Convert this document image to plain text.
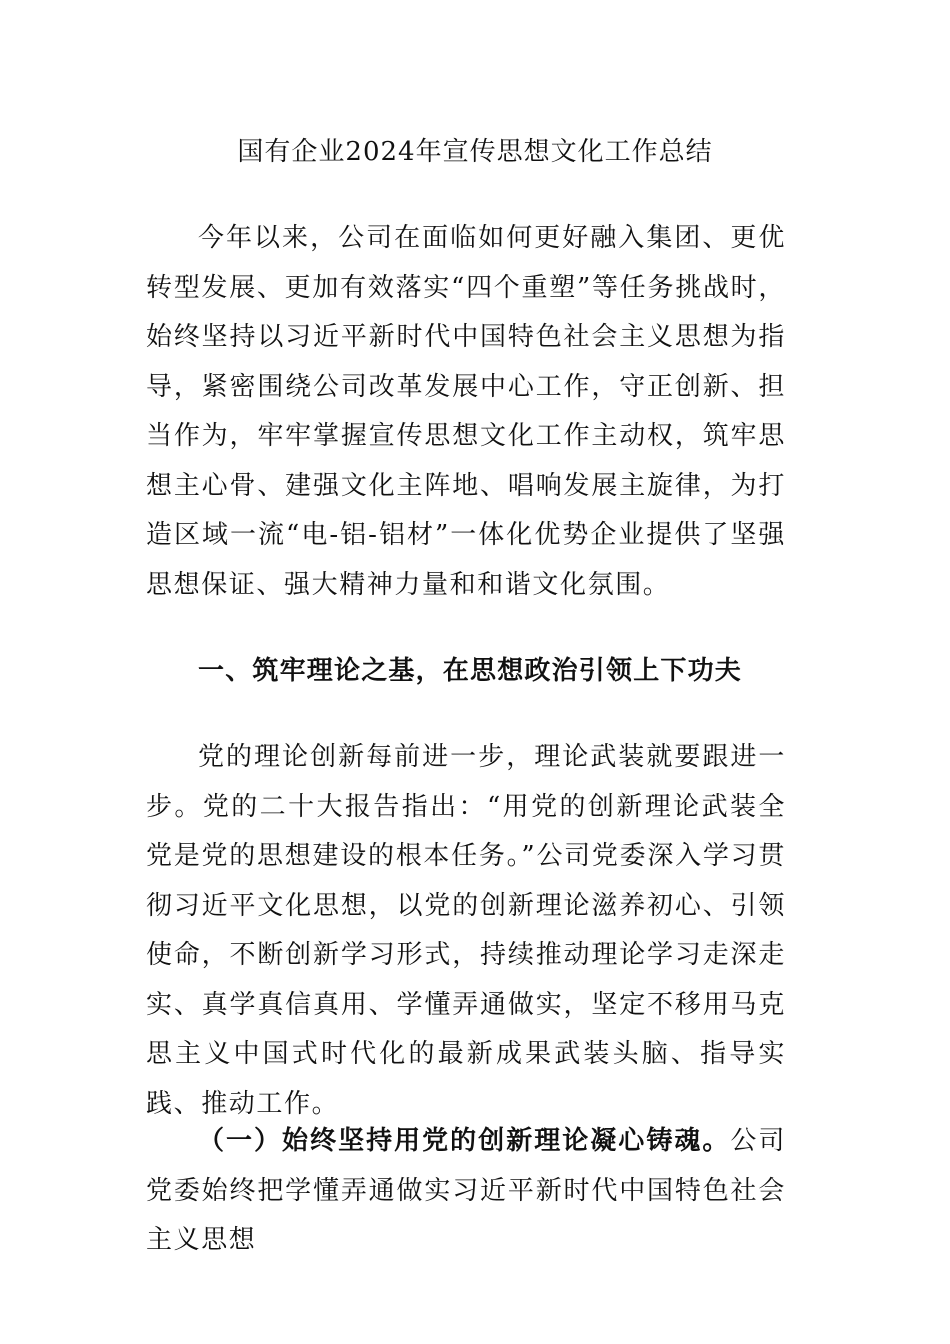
国有企业2024年宣传思想文化工作总结

今年以来，公司在面临如何更好融入集团、更优转型发展、更加有效落实“四个重塑”等任务挑战时，始终坚持以习近平新时代中国特色社会主义思想为指导，紧密围绕公司改革发展中心工作，守正创新、担当作为，牢牢掌握宣传思想文化工作主动权，筑牢思想主心骨、建强文化主阵地、唱响发展主旋律，为打造区域一流“电-铝-铝材”一体化优势企业提供了坚强思想保证、强大精神力量和和谐文化氛围。

一、筑牢理论之基，在思想政治引领上下功夫

党的理论创新每前进一步，理论武装就要跟进一步。党的二十大报告指出：“用党的创新理论武装全党是党的思想建设的根本任务。”公司党委深入学习贯彻习近平文化思想，以党的创新理论滋养初心、引领使命，不断创新学习形式，持续推动理论学习走深走实、真学真信真用、学懂弄通做实，坚定不移用马克思主义中国式时代化的最新成果武装头脑、指导实践、推动工作。

（一）始终坚持用党的创新理论凝心铸魂。公司党委始终把学懂弄通做实习近平新时代中国特色社会主义思想
